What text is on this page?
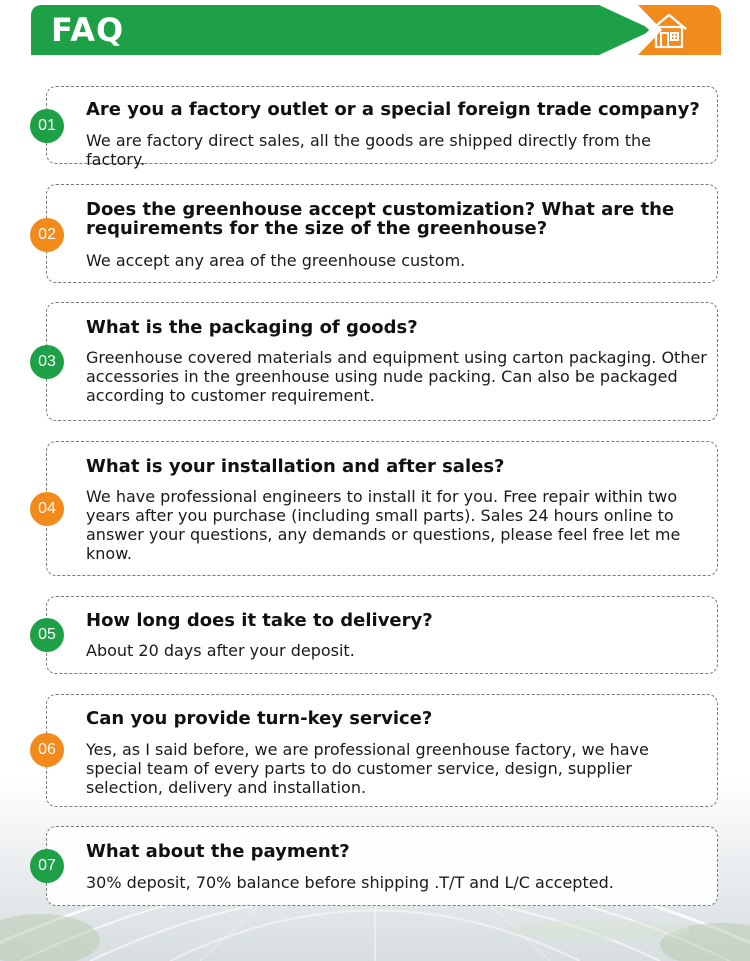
FAQ
01
Are you a factory outlet or a special foreign trade company?
We are factory direct sales, all the goods are shipped directly from the factory.
02
Does the greenhouse accept customization? What are the requirements for the size of the greenhouse?
We accept any area of the greenhouse custom.
03
What is the packaging of goods?
Greenhouse covered materials and equipment using carton packaging. Other accessories in the greenhouse using nude packing. Can also be packaged according to customer requirement.
04
What is your installation and after sales?
We have professional engineers to install it for you. Free repair within two years after you purchase (including small parts). Sales 24 hours online to answer your questions, any demands or questions, please feel free let me know.
05
How long does it take to delivery?
About 20 days after your deposit.
06
Can you provide turn-key service?
Yes, as I said before, we are professional greenhouse factory, we have special team of every parts to do customer service, design, supplier selection, delivery and installation.
07
What about the payment?
30% deposit, 70% balance before shipping .T/T and L/C accepted.
